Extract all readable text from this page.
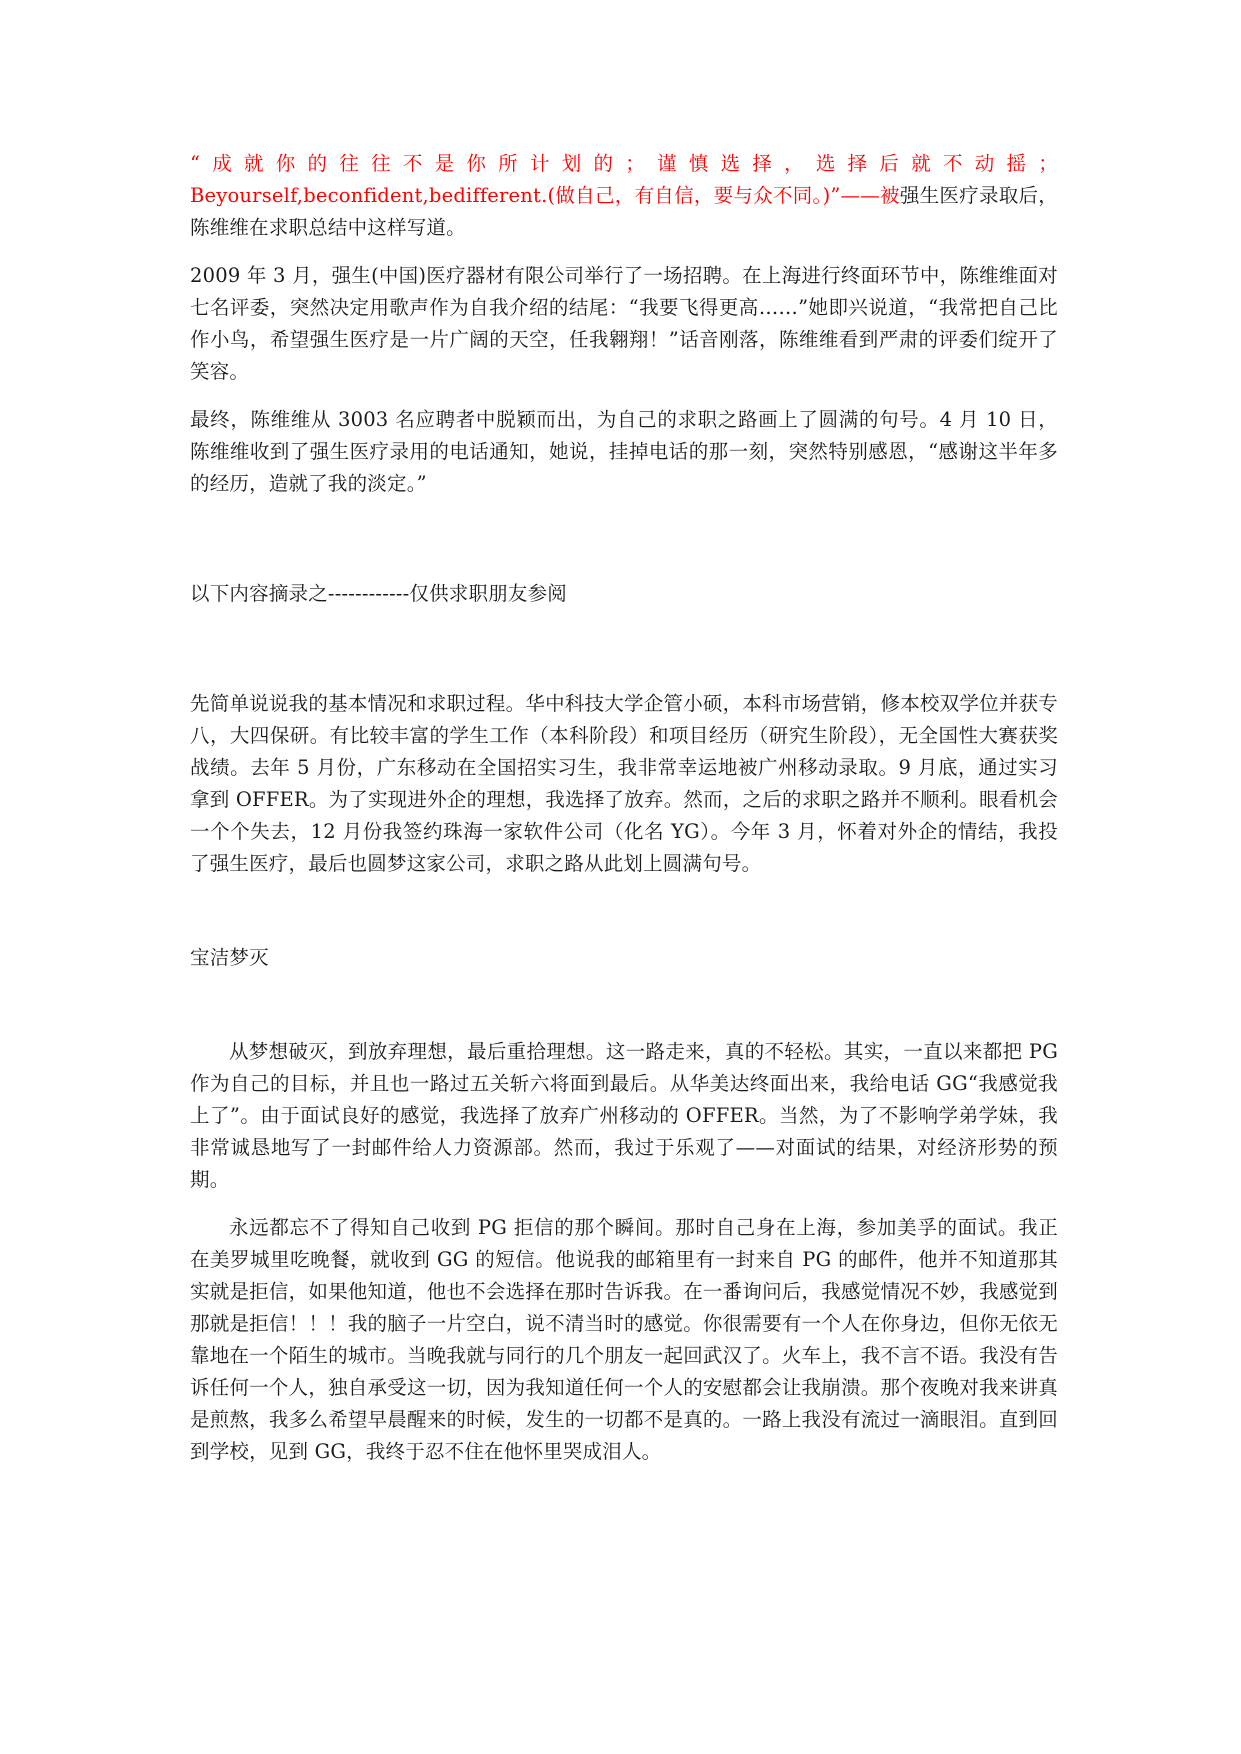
“成就你的往往不是你所计划的；谨慎选择，选择后就不动摇；Beyourself,beconfident,bedifferent.(做自己，有自信，要与众不同。)”——被强生医疗录取后，陈维维在求职总结中这样写道。

2009 年 3 月，强生(中国)医疗器材有限公司举行了一场招聘。在上海进行终面环节中，陈维维面对七名评委，突然决定用歌声作为自我介绍的结尾：“我要飞得更高……”她即兴说道，“我常把自己比作小鸟，希望强生医疗是一片广阔的天空，任我翱翔！”话音刚落，陈维维看到严肃的评委们绽开了笑容。

最终，陈维维从 3003 名应聘者中脱颖而出，为自己的求职之路画上了圆满的句号。4 月 10 日，陈维维收到了强生医疗录用的电话通知，她说，挂掉电话的那一刻，突然特别感恩，“感谢这半年多的经历，造就了我的淡定。”

以下内容摘录之------------仅供求职朋友参阅

先简单说说我的基本情况和求职过程。华中科技大学企管小硕，本科市场营销，修本校双学位并获专八，大四保研。有比较丰富的学生工作（本科阶段）和项目经历（研究生阶段），无全国性大赛获奖战绩。去年 5 月份，广东移动在全国招实习生，我非常幸运地被广州移动录取。9 月底，通过实习拿到 OFFER。为了实现进外企的理想，我选择了放弃。然而，之后的求职之路并不顺利。眼看机会一个个失去，12 月份我签约珠海一家软件公司（化名 YG）。今年 3 月，怀着对外企的情结，我投了强生医疗，最后也圆梦这家公司，求职之路从此划上圆满句号。

宝洁梦灭

从梦想破灭，到放弃理想，最后重拾理想。这一路走来，真的不轻松。其实，一直以来都把 PG 作为自己的目标，并且也一路过五关斩六将面到最后。从华美达终面出来，我给电话 GG“我感觉我上了”。由于面试良好的感觉，我选择了放弃广州移动的 OFFER。当然，为了不影响学弟学妹，我非常诚恳地写了一封邮件给人力资源部。然而，我过于乐观了——对面试的结果，对经济形势的预期。

永远都忘不了得知自己收到 PG 拒信的那个瞬间。那时自己身在上海，参加美孚的面试。我正在美罗城里吃晚餐，就收到 GG 的短信。他说我的邮箱里有一封来自 PG 的邮件，他并不知道那其实就是拒信，如果他知道，他也不会选择在那时告诉我。在一番询问后，我感觉情况不妙，我感觉到那就是拒信！！！我的脑子一片空白，说不清当时的感觉。你很需要有一个人在你身边，但你无依无靠地在一个陌生的城市。当晚我就与同行的几个朋友一起回武汉了。火车上，我不言不语。我没有告诉任何一个人，独自承受这一切，因为我知道任何一个人的安慰都会让我崩溃。那个夜晚对我来讲真是煎熬，我多么希望早晨醒来的时候，发生的一切都不是真的。一路上我没有流过一滴眼泪。直到回到学校，见到 GG，我终于忍不住在他怀里哭成泪人。
